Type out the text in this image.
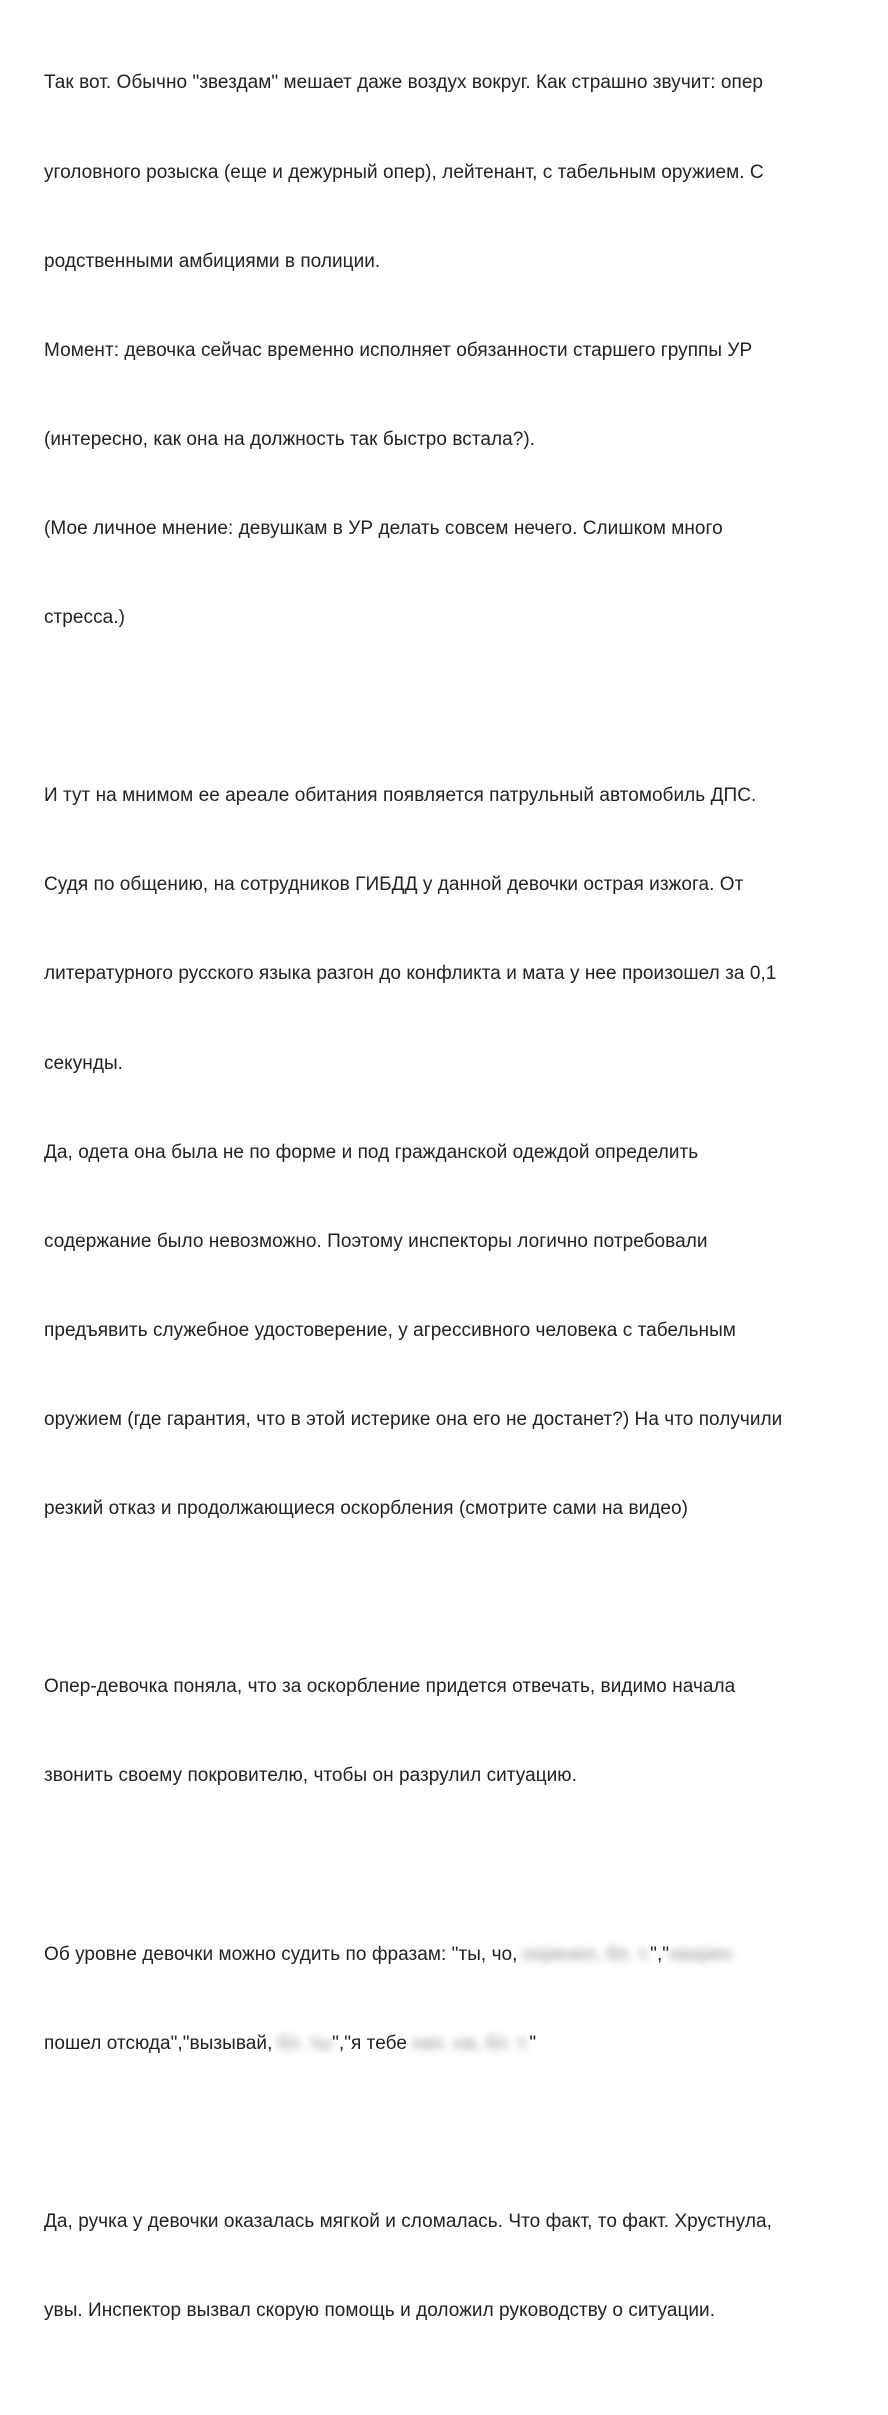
Так вот. Обычно "звездам" мешает даже воздух вокруг. Как страшно звучит: опер

уголовного розыска (еще и дежурный опер), лейтенант, с табельным оружием. С

родственными амбициями в полиции.

Момент: девочка сейчас временно исполняет обязанности старшего группы УР

(интересно, как она на должность так быстро встала?).

(Мое личное мнение: девушкам в УР делать совсем нечего. Слишком много

стресса.)

И тут на мнимом ее ареале обитания появляется патрульный автомобиль ДПС.

Судя по общению, на сотрудников ГИБДД у данной девочки острая изжога. От

литературного русского языка разгон до конфликта и мата у нее произошел за 0,1

секунды.

Да, одета она была не по форме и под гражданской одеждой определить

содержание было невозможно. Поэтому инспекторы логично потребовали

предъявить служебное удостоверение, у агрессивного человека с табельным

оружием (где гарантия, что в этой истерике она его не достанет?) На что получили

резкий отказ и продолжающиеся оскорбления (смотрите сами на видео)

Опер-девочка поняла, что за оскорбление придется отвечать, видимо начала

звонить своему покровителю, чтобы он разрулил ситуацию.

Об уровне девочки можно судить по фразам: "ты, чо, охренел, бл. т.","нахрен

пошел отсюда","вызывай, бл. ты","я тебе нах. на, бл. т."

Да, ручка у девочки оказалась мягкой и сломалась. Что факт, то факт. Хрустнула,

увы. Инспектор вызвал скорую помощь и доложил руководству о ситуации.
